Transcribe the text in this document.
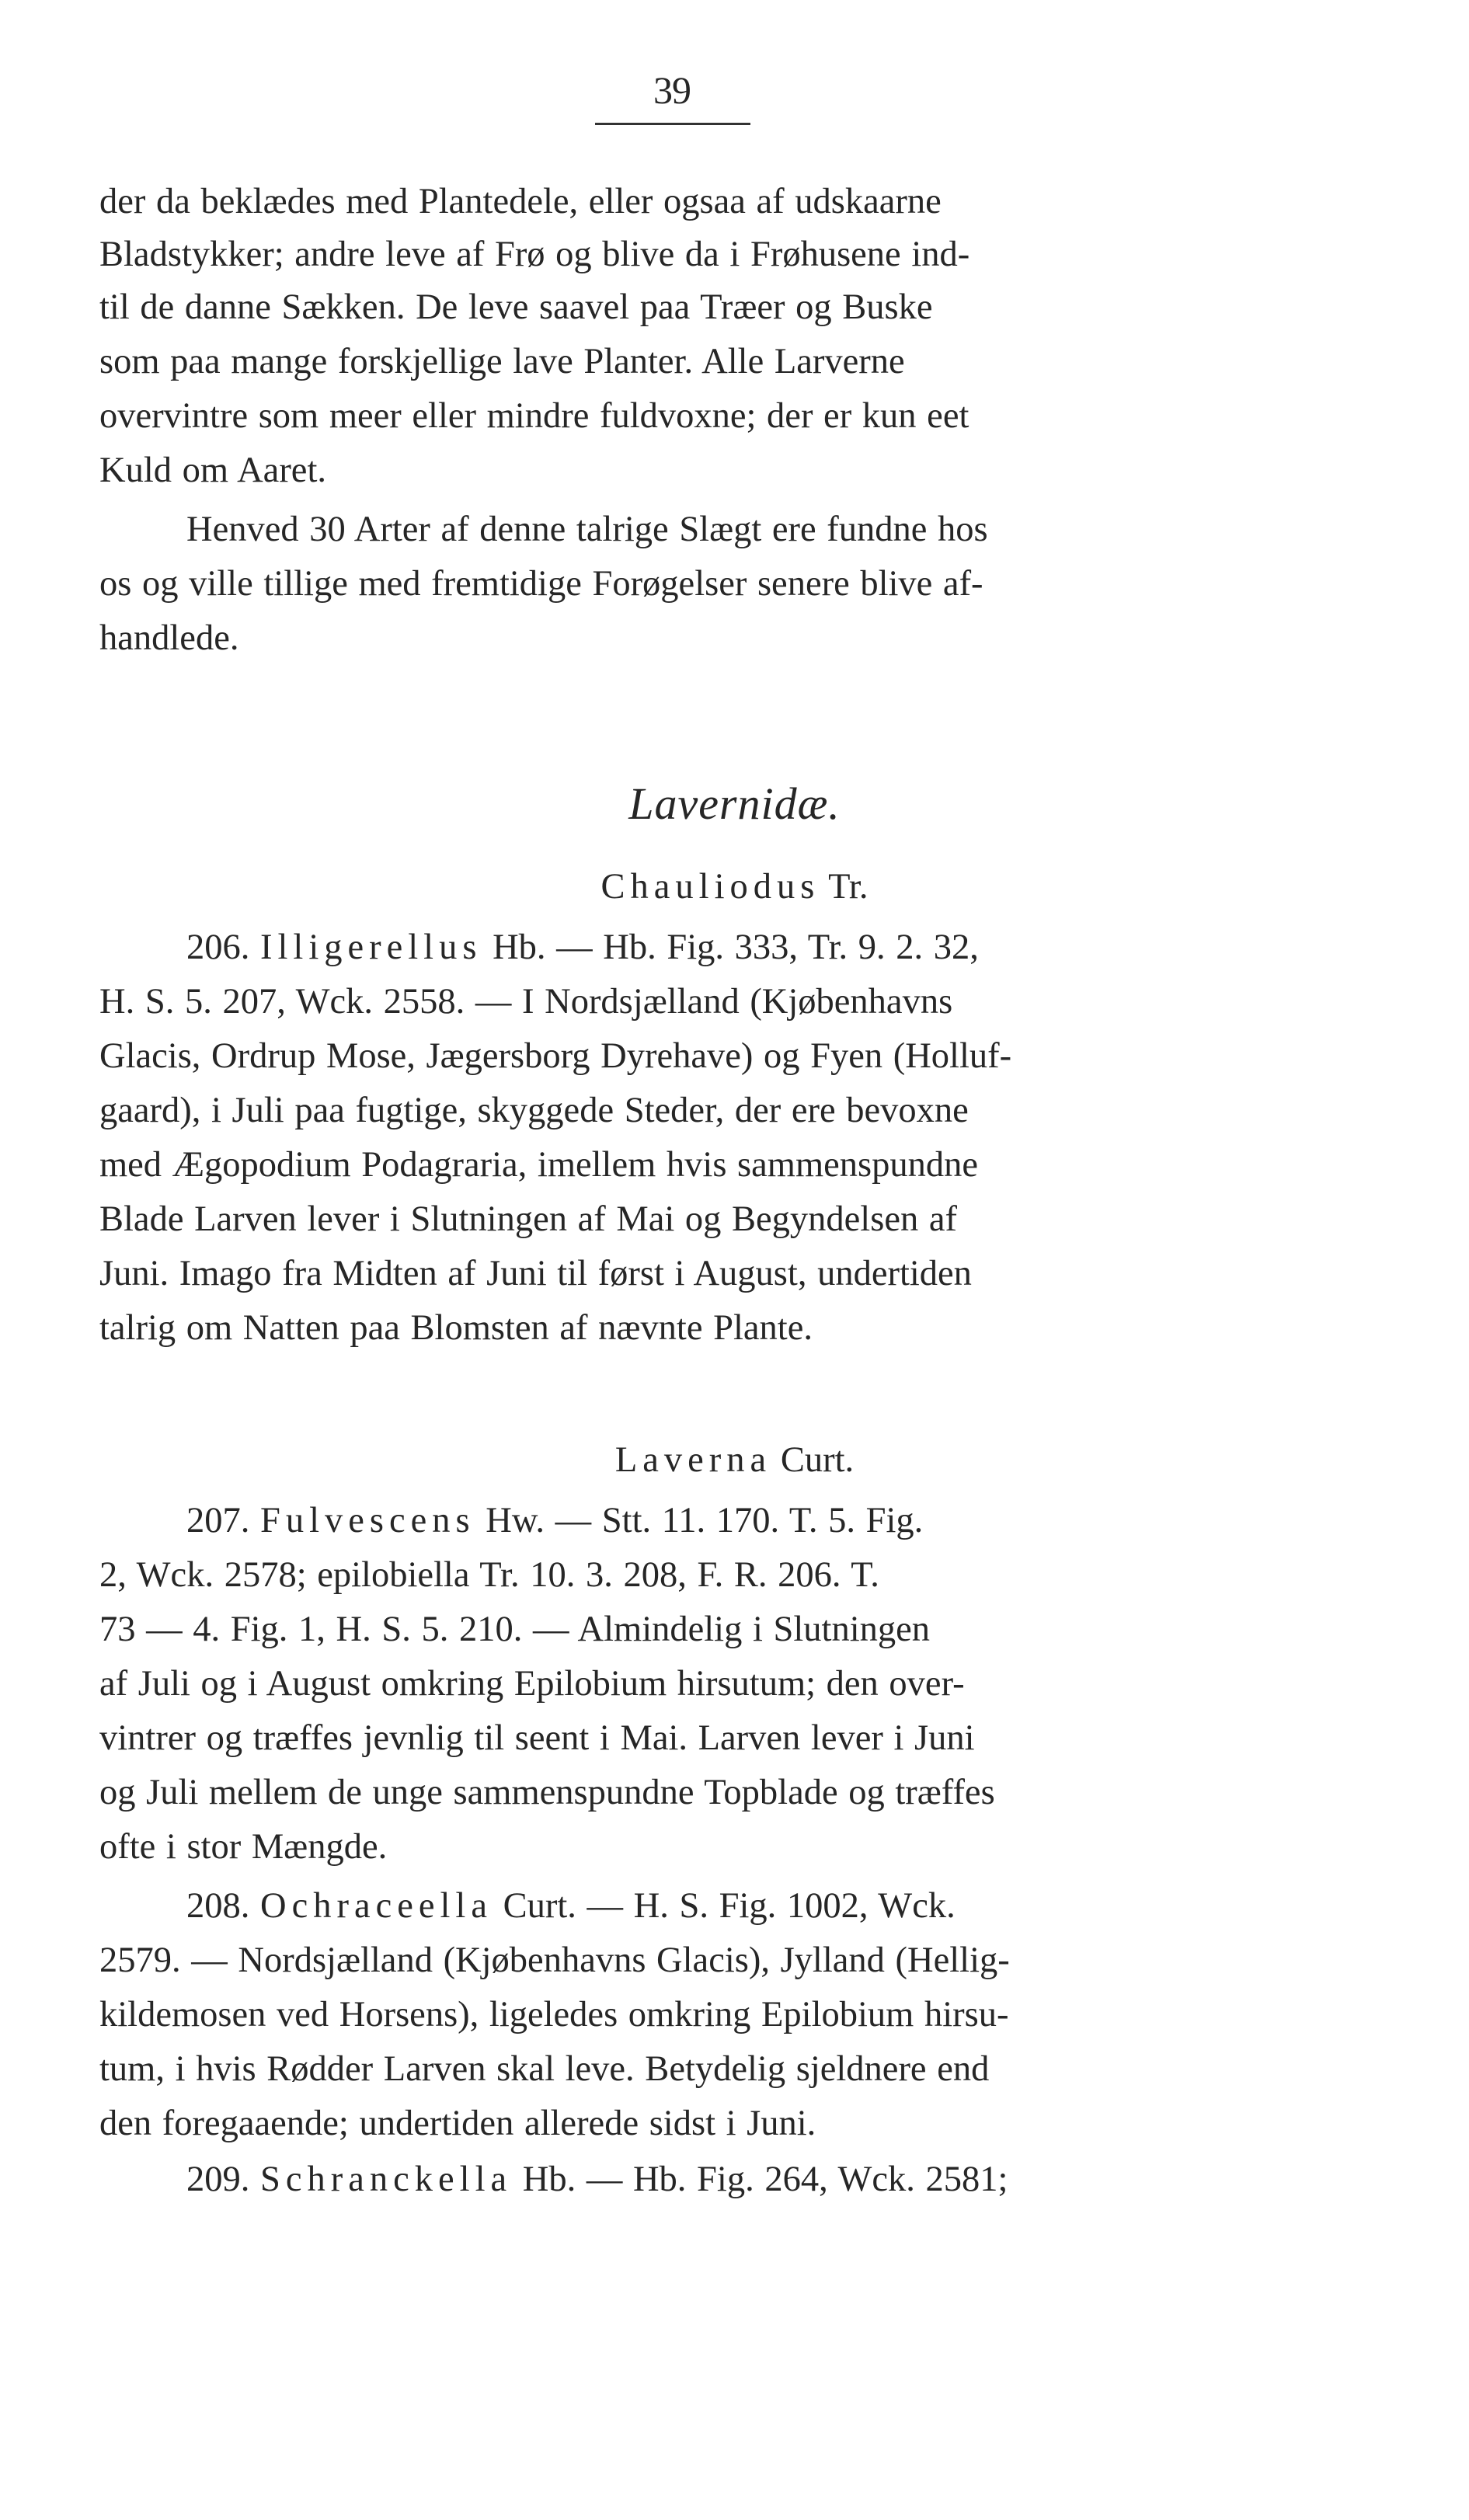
39
der da beklædes med Plantedele, eller ogsaa af udskaarne
Bladstykker; andre leve af Frø og blive da i Frøhusene ind-
til de danne Sækken. De leve saavel paa Træer og Buske
som paa mange forskjellige lave Planter. Alle Larverne
overvintre som meer eller mindre fuldvoxne; der er kun eet
Kuld om Aaret.
Henved 30 Arter af denne talrige Slægt ere fundne hos
os og ville tillige med fremtidige Forøgelser senere blive af-
handlede.
Lavernidæ.
Chauliodus Tr.
206. Illigerellus Hb. — Hb. Fig. 333, Tr. 9. 2. 32,
H. S. 5. 207, Wck. 2558. — I Nordsjælland (Kjøbenhavns
Glacis, Ordrup Mose, Jægersborg Dyrehave) og Fyen (Holluf-
gaard), i Juli paa fugtige, skyggede Steder, der ere bevoxne
med Ægopodium Podagraria, imellem hvis sammenspundne
Blade Larven lever i Slutningen af Mai og Begyndelsen af
Juni. Imago fra Midten af Juni til først i August, undertiden
talrig om Natten paa Blomsten af nævnte Plante.
Laverna Curt.
207. Fulvescens Hw. — Stt. 11. 170. T. 5. Fig.
2, Wck. 2578; epilobiella Tr. 10. 3. 208, F. R. 206. T.
73 — 4. Fig. 1, H. S. 5. 210. — Almindelig i Slutningen
af Juli og i August omkring Epilobium hirsutum; den over-
vintrer og træffes jevnlig til seent i Mai. Larven lever i Juni
og Juli mellem de unge sammenspundne Topblade og træffes
ofte i stor Mængde.
208. Ochraceella Curt. — H. S. Fig. 1002, Wck.
2579. — Nordsjælland (Kjøbenhavns Glacis), Jylland (Hellig-
kildemosen ved Horsens), ligeledes omkring Epilobium hirsu-
tum, i hvis Rødder Larven skal leve. Betydelig sjeldnere end
den foregaaende; undertiden allerede sidst i Juni.
209. Schranckella Hb. — Hb. Fig. 264, Wck. 2581;
